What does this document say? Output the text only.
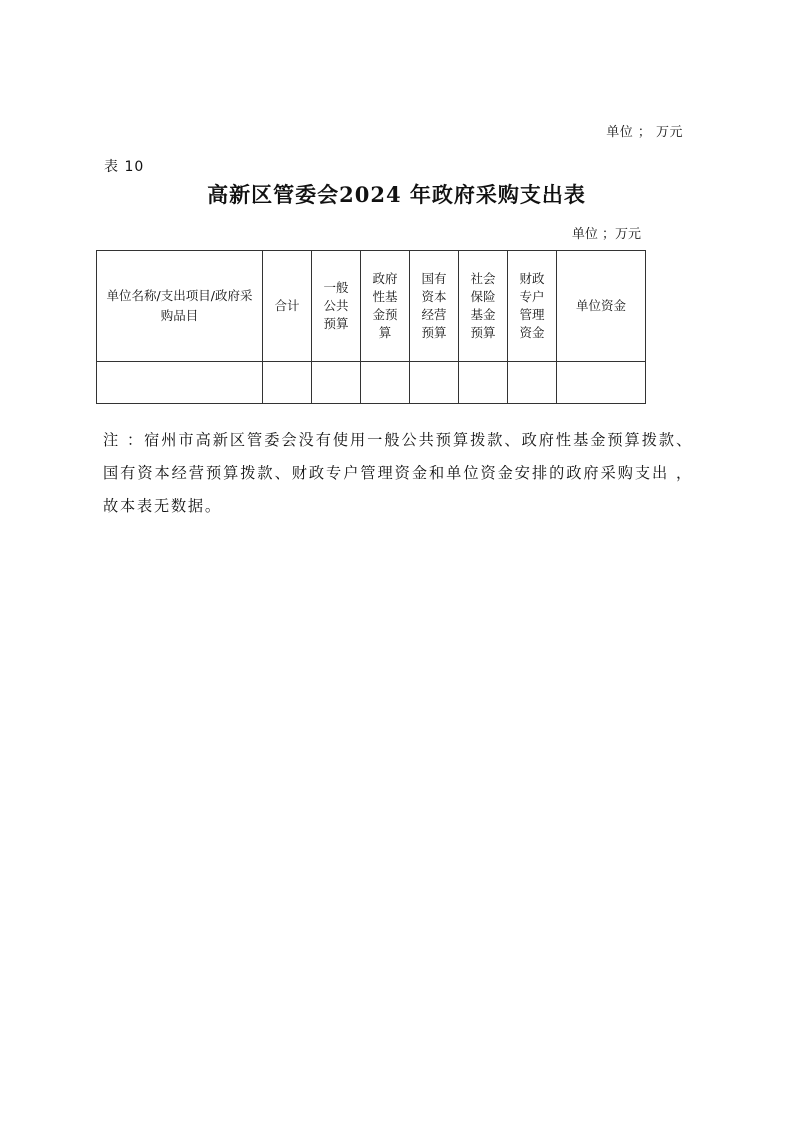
单位 ； 万元
表 10
高新区管委会2024 年政府采购支出表
单位 ；万元
单位名称/支出项目/政府采购品目	合计	一般公共预算	政府性基金预算	国有资本经营预算	社会保险基金预算	财政专户管理资金	单位资金

注 ：宿州市高新区管委会没有使用一般公共预算拨款、政府性基金预算拨款、国有资本经营预算拨款、财政专户管理资金和单位资金安排的政府采购支出 ，故本表无数据。
